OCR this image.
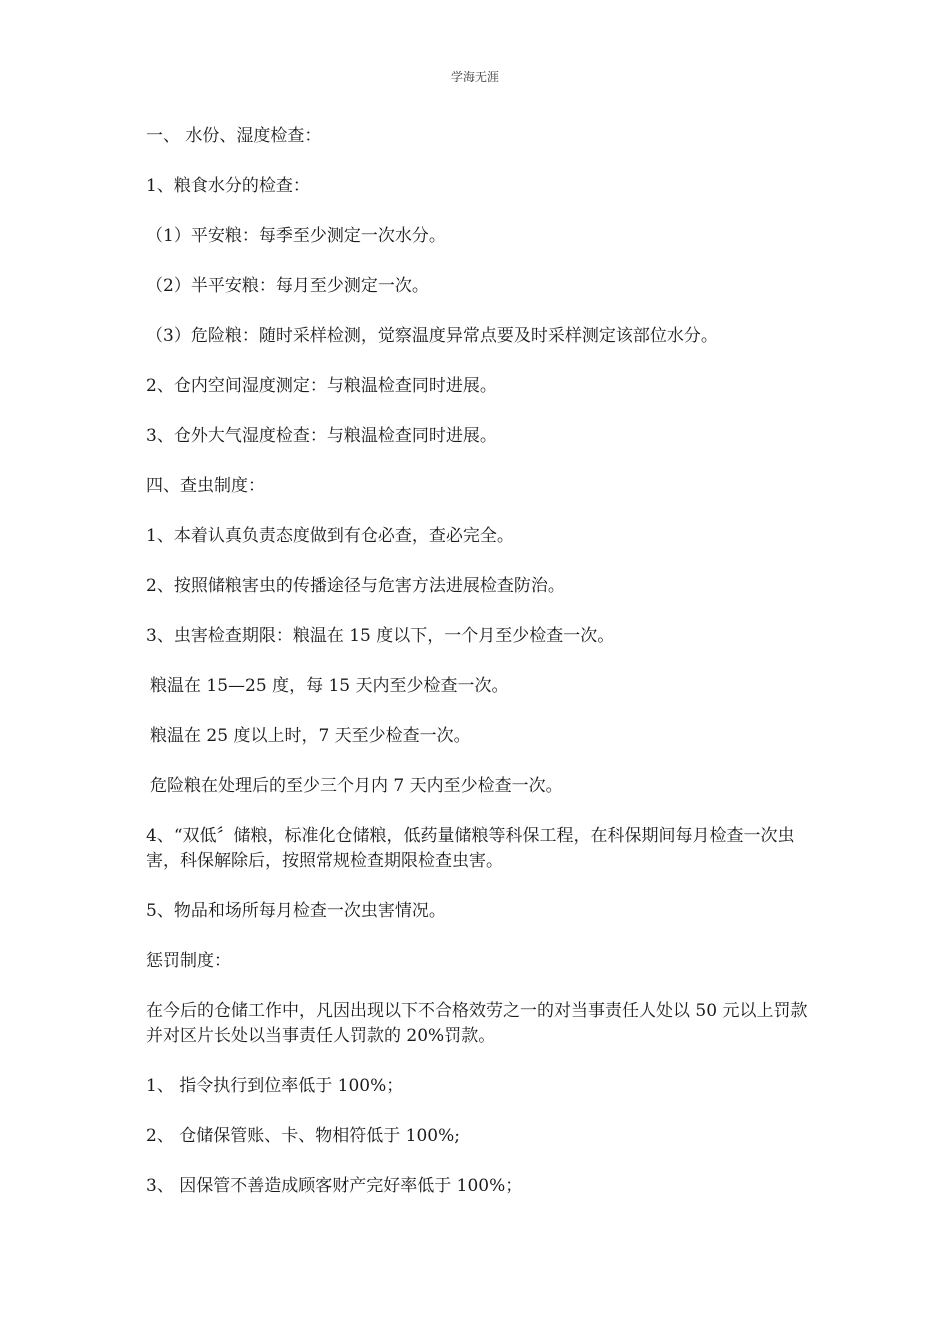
学海无涯

一、 水份、湿度检查：

1、粮食水分的检查：

（1）平安粮：每季至少测定一次水分。

（2）半平安粮：每月至少测定一次。

（3）危险粮：随时采样检测，觉察温度异常点要及时采样测定该部位水分。

2、仓内空间湿度测定：与粮温检查同时进展。

3、仓外大气湿度检查：与粮温检查同时进展。

四、查虫制度：

1、本着认真负责态度做到有仓必查，查必完全。

2、按照储粮害虫的传播途径与危害方法进展检查防治。

3、虫害检查期限：粮温在 15 度以下，一个月至少检查一次。

粮温在 15—25 度，每 15 天内至少检查一次。

粮温在 25 度以上时，7 天至少检查一次。

危险粮在处理后的至少三个月内 7 天内至少检查一次。

4、“双低〞储粮，标准化仓储粮，低药量储粮等科保工程，在科保期间每月检查一次虫害，科保解除后，按照常规检查期限检查虫害。

5、物品和场所每月检查一次虫害情况。

惩罚制度：

在今后的仓储工作中，凡因出现以下不合格效劳之一的对当事责任人处以 50 元以上罚款并对区片长处以当事责任人罚款的 20%罚款。

1、 指令执行到位率低于 100%；

2、 仓储保管账、卡、物相符低于 100%;

3、 因保管不善造成顾客财产完好率低于 100%；
